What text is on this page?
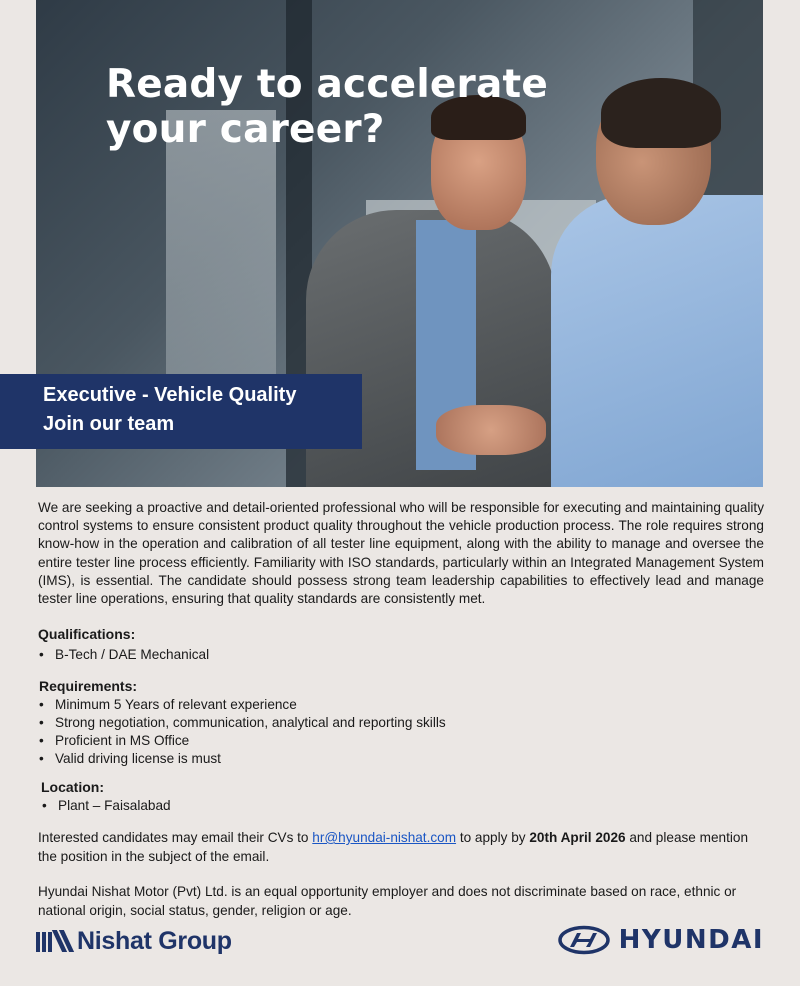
Ready to accelerate your career?
Executive - Vehicle Quality
Join our team

We are seeking a proactive and detail-oriented professional who will be responsible for executing and maintaining quality control systems to ensure consistent product quality throughout the vehicle production process. The role requires strong know-how in the operation and calibration of all tester line equipment, along with the ability to manage and oversee the entire tester line process efficiently. Familiarity with ISO standards, particularly within an Integrated Management System (IMS), is essential. The candidate should possess strong team leadership capabilities to effectively lead and manage tester line operations, ensuring that quality standards are consistently met.

Qualifications:
• B-Tech / DAE Mechanical
Requirements:
• Minimum 5 Years of relevant experience
• Strong negotiation, communication, analytical and reporting skills
• Proficient in MS Office
• Valid driving license is must
Location:
• Plant – Faisalabad

Interested candidates may email their CVs to hr@hyundai-nishat.com to apply by 20th April 2026 and please mention the position in the subject of the email.

Hyundai Nishat Motor (Pvt) Ltd. is an equal opportunity employer and does not discriminate based on race, ethnic or national origin, social status, gender, religion or age.

Nishat Group	HYUNDAI
